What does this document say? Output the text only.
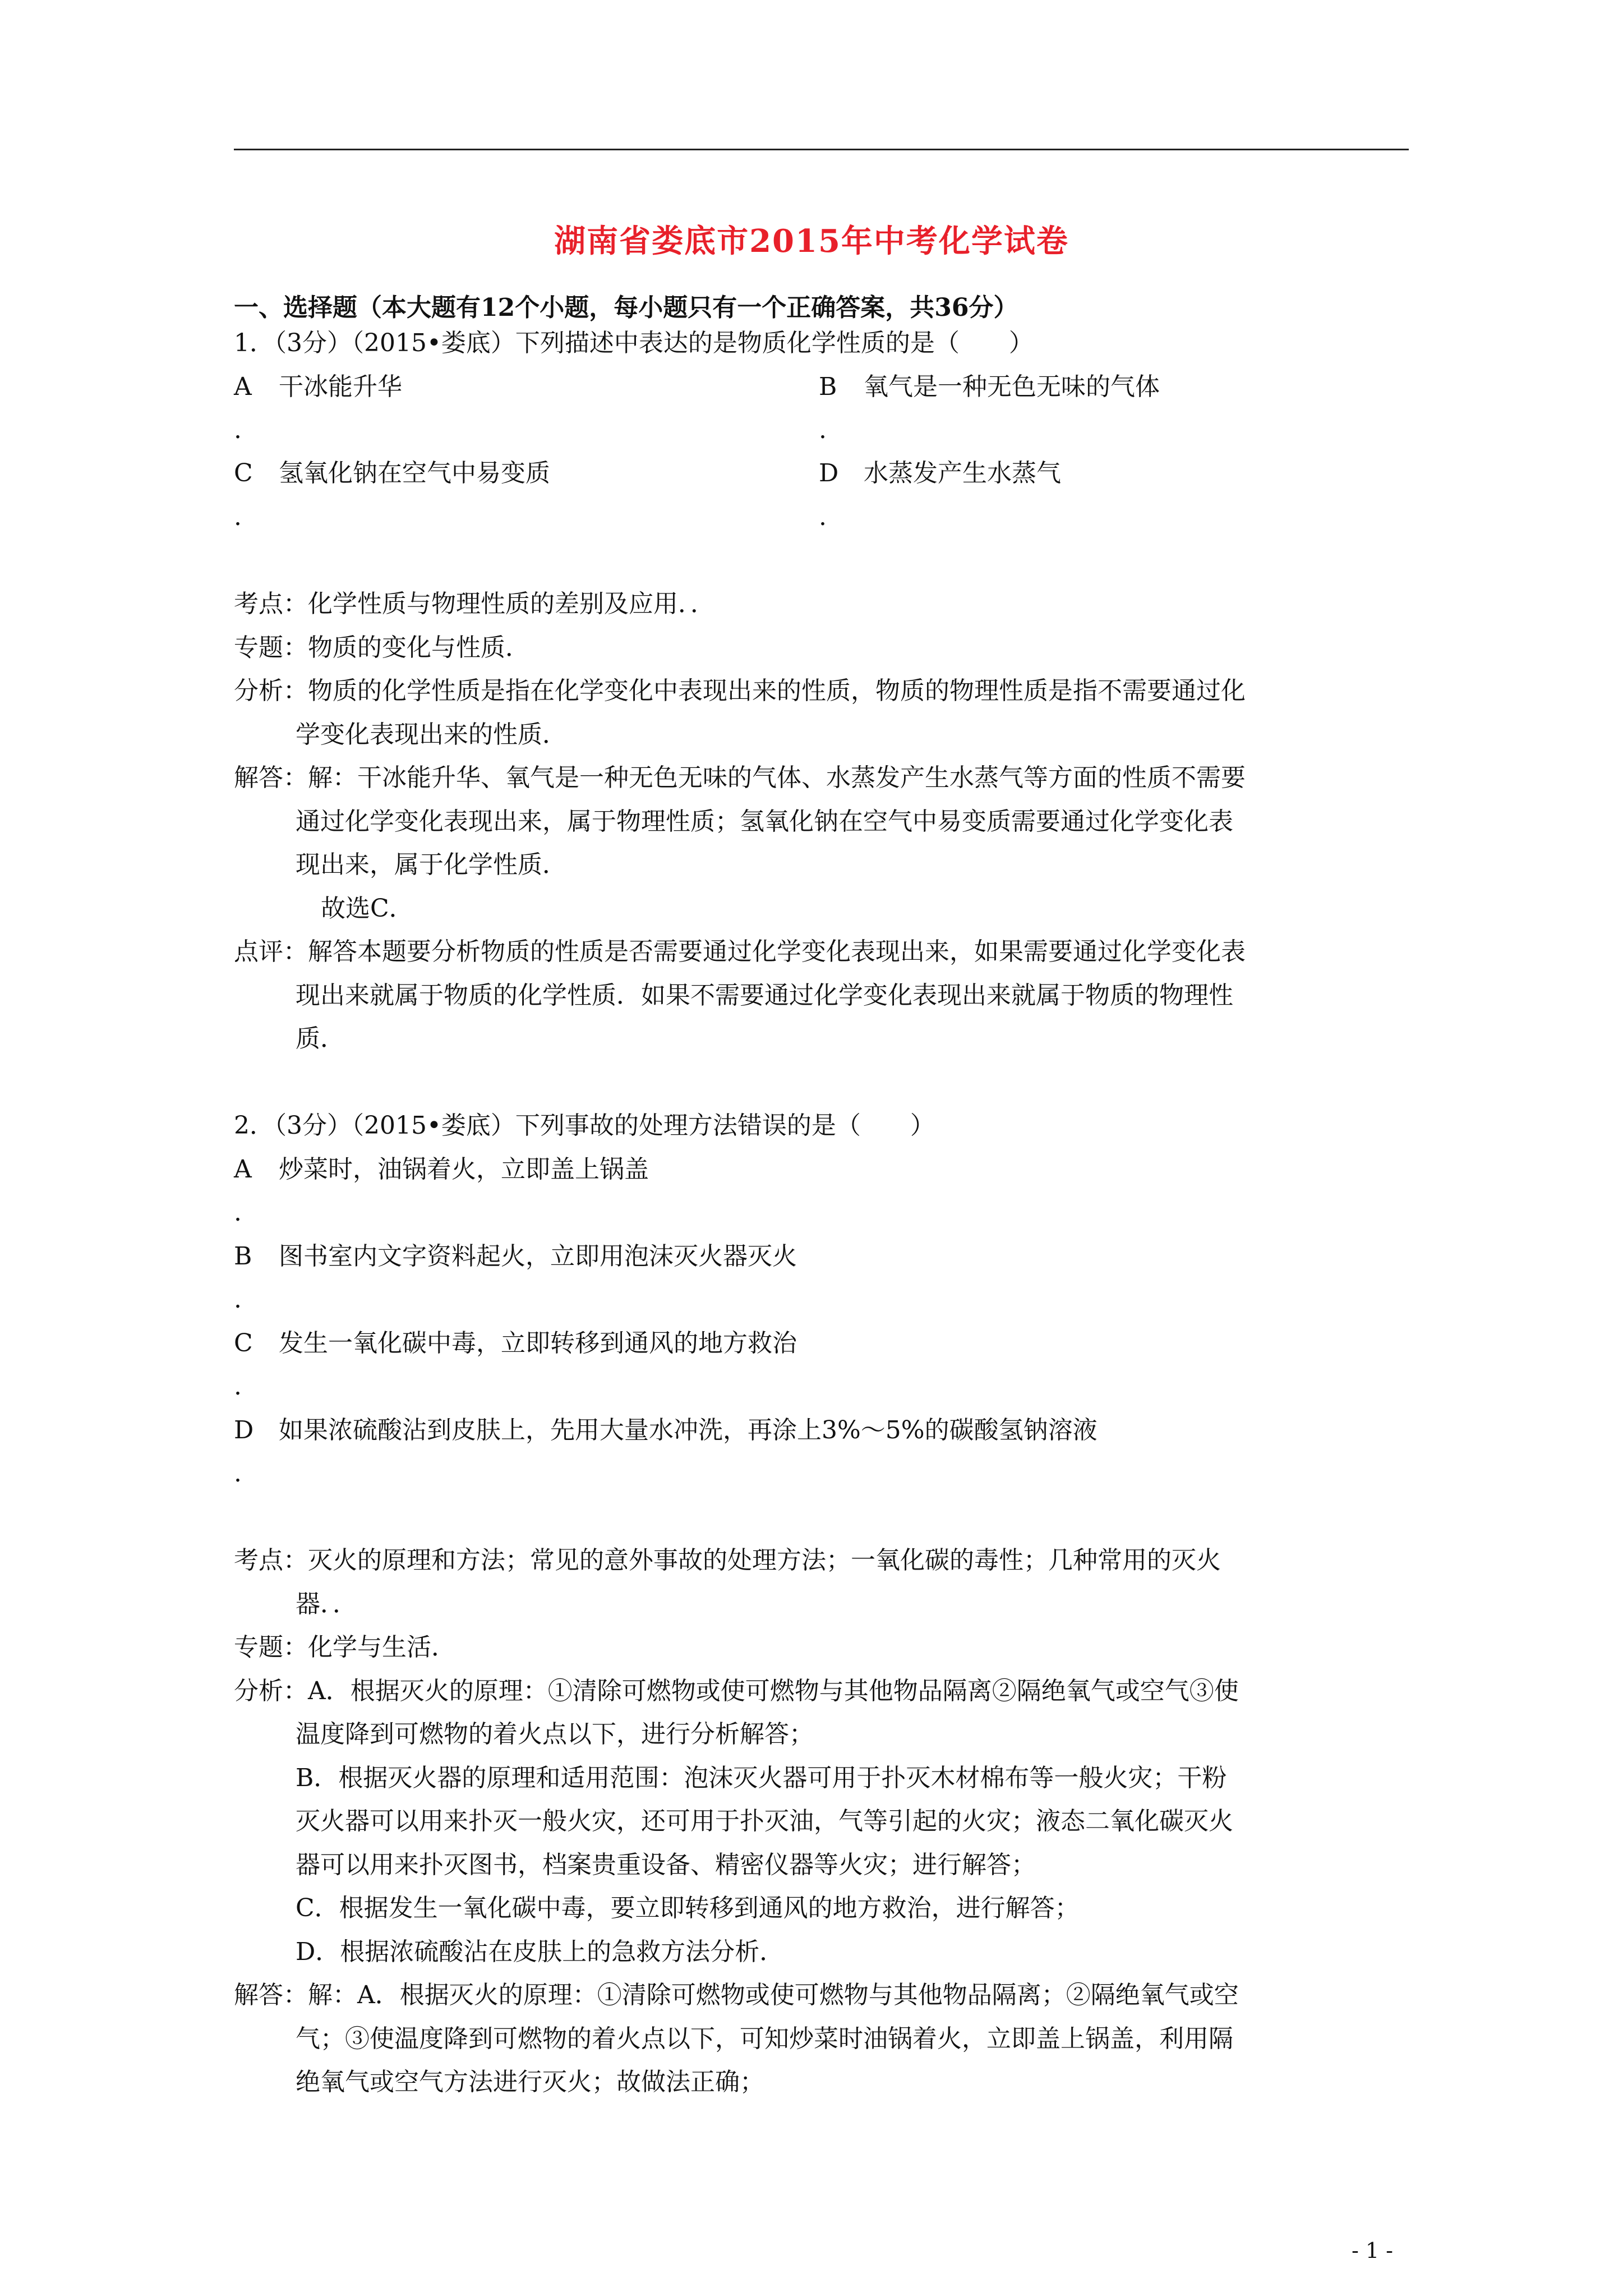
湖南省娄底市2015年中考化学试卷
一、选择题（本大题有12个小题，每小题只有一个正确答案，共36分）
1．（3分）（2015•娄底）下列描述中表达的是物质化学性质的是（　　）
A 干冰能升华	B 氧气是一种无色无味的气体
.	.
C 氢氧化钠在空气中易变质	D 水蒸发产生水蒸气
.	.
考点：化学性质与物理性质的差别及应用．．
专题：物质的变化与性质．
分析：物质的化学性质是指在化学变化中表现出来的性质，物质的物理性质是指不需要通过化
学变化表现出来的性质．
解答：解：干冰能升华、氧气是一种无色无味的气体、水蒸发产生水蒸气等方面的性质不需要
通过化学变化表现出来，属于物理性质；氢氧化钠在空气中易变质需要通过化学变化表
现出来，属于化学性质．
故选C．
点评：解答本题要分析物质的性质是否需要通过化学变化表现出来，如果需要通过化学变化表
现出来就属于物质的化学性质．如果不需要通过化学变化表现出来就属于物质的物理性
质．
2．（3分）（2015•娄底）下列事故的处理方法错误的是（　　）
A 炒菜时，油锅着火，立即盖上锅盖
.
B 图书室内文字资料起火，立即用泡沫灭火器灭火
.
C 发生一氧化碳中毒，立即转移到通风的地方救治
.
D 如果浓硫酸沾到皮肤上，先用大量水冲洗，再涂上3%～5%的碳酸氢钠溶液
.
考点：灭火的原理和方法；常见的意外事故的处理方法；一氧化碳的毒性；几种常用的灭火
器．．
专题：化学与生活．
分析：A．根据灭火的原理：①清除可燃物或使可燃物与其他物品隔离②隔绝氧气或空气③使
温度降到可燃物的着火点以下，进行分析解答；
B．根据灭火器的原理和适用范围：泡沫灭火器可用于扑灭木材棉布等一般火灾；干粉
灭火器可以用来扑灭一般火灾，还可用于扑灭油，气等引起的火灾；液态二氧化碳灭火
器可以用来扑灭图书，档案贵重设备、精密仪器等火灾；进行解答；
C．根据发生一氧化碳中毒，要立即转移到通风的地方救治，进行解答；
D．根据浓硫酸沾在皮肤上的急救方法分析．
解答：解：A．根据灭火的原理：①清除可燃物或使可燃物与其他物品隔离；②隔绝氧气或空
气；③使温度降到可燃物的着火点以下，可知炒菜时油锅着火，立即盖上锅盖，利用隔
绝氧气或空气方法进行灭火；故做法正确；
- 1 -
